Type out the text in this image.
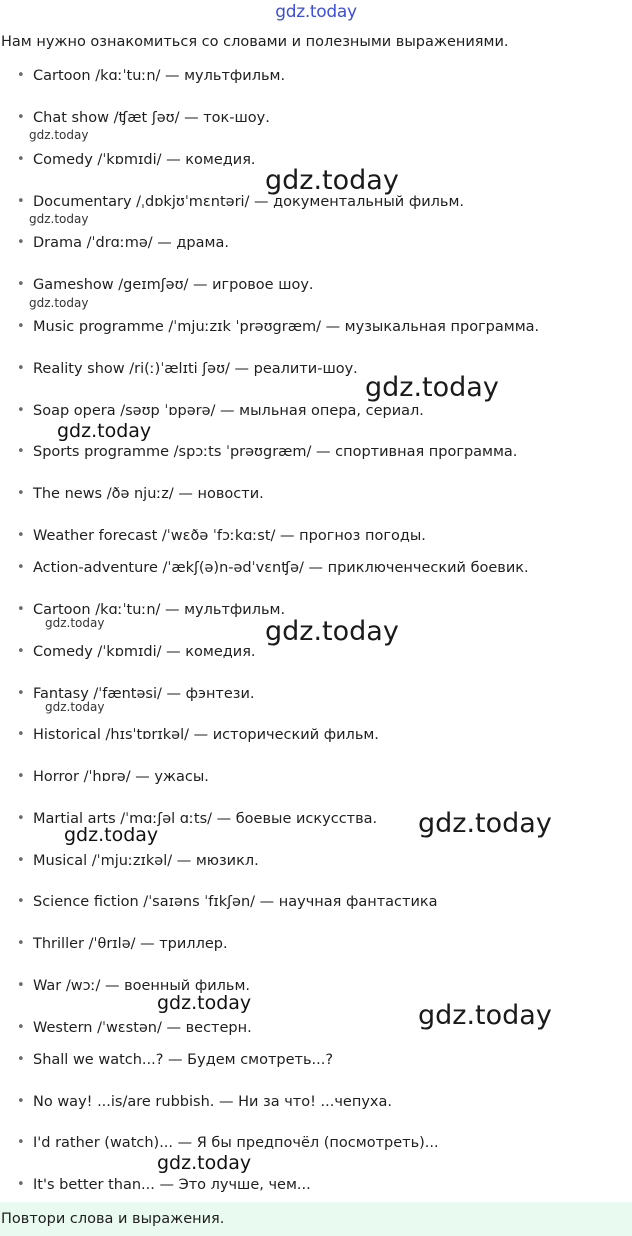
gdz.today
Нам нужно ознакомиться со словами и полезными выражениями.
• Cartoon /kɑːˈtuːn/ — мультфильм.
• Chat show /ʧæt ʃəʊ/ — ток-шоу.
• Comedy /ˈkɒmɪdi/ — комедия.
• Documentary /ˌdɒkjʊˈmɛntəri/ — документальный фильм.
• Drama /ˈdrɑːmə/ — драма.
• Gameshow /geɪmʃəʊ/ — игровое шоу.
• Music programme /ˈmjuːzɪk ˈprəʊgræm/ — музыкальная программа.
• Reality show /ri(ː)ˈælɪti ʃəʊ/ — реалити-шоу.
• Soap opera /səʊp ˈɒpərə/ — мыльная опера, сериал.
• Sports programme /spɔːts ˈprəʊgræm/ — спортивная программа.
• The news /ðə njuːz/ — новости.
• Weather forecast /ˈwɛðə ˈfɔːkɑːst/ — прогноз погоды.
• Action-adventure /ˈækʃ(ə)n-ədˈvɛnʧə/ — приключенческий боевик.
• Cartoon /kɑːˈtuːn/ — мультфильм.
• Comedy /ˈkɒmɪdi/ — комедия.
• Fantasy /ˈfæntəsi/ — фэнтези.
• Historical /hɪsˈtɒrɪkəl/ — исторический фильм.
• Horror /ˈhɒrə/ — ужасы.
• Martial arts /ˈmɑːʃəl ɑːts/ — боевые искусства.
• Musical /ˈmjuːzɪkəl/ — мюзикл.
• Science fiction /ˈsaɪəns ˈfɪkʃən/ — научная фантастика
• Thriller /ˈθrɪlə/ — триллер.
• War /wɔː/ — военный фильм.
• Western /ˈwɛstən/ — вестерн.
• Shall we watch...? — Будем смотреть...?
• No way! ...is/are rubbish. — Ни за что! ...чепуха.
• I'd rather (watch)... — Я бы предпочёл (посмотреть)...
• It's better than... — Это лучше, чем...
gdz.today
gdz.today
gdz.today
gdz.today
gdz.today
gdz.today
gdz.today	gdz.today
gdz.today
gdz.today
gdz.today
gdz.today	gdz.today
gdz.today
Повтори слова и выражения.
